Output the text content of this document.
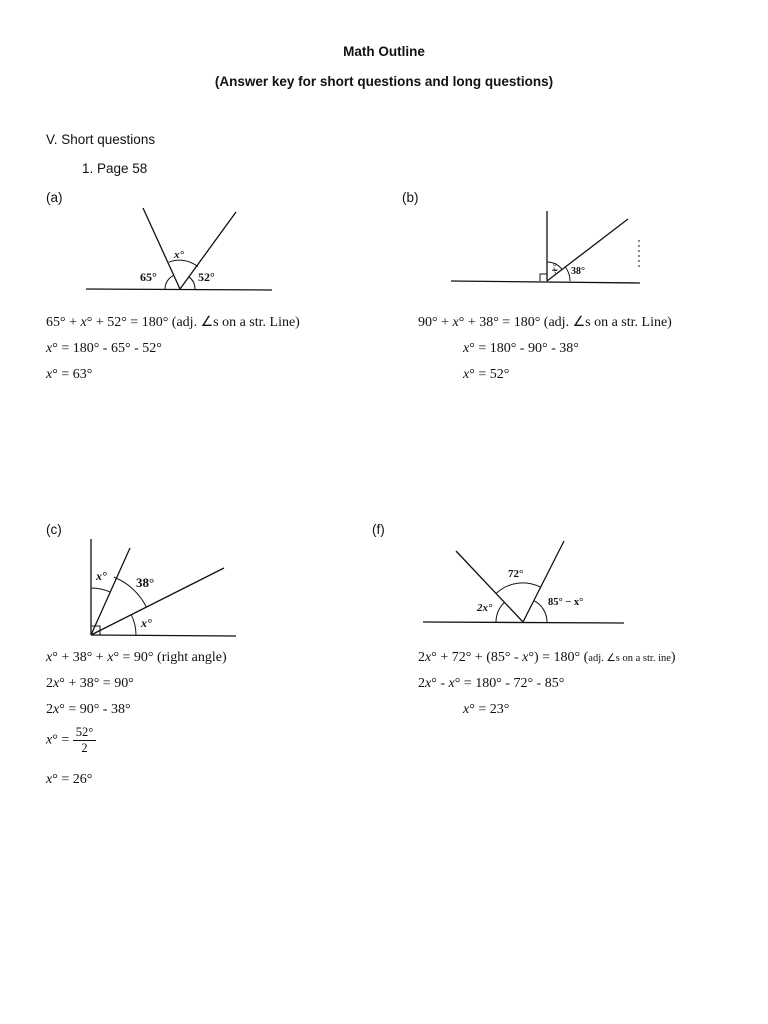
Math Outline
(Answer key for short questions and long questions)
V. Short questions
1. Page 58
(a)
x°
65°	52°
65° + x° + 52° = 180° (adj. ∠s on a str. Line)
x° = 180° - 65° - 52°
x° = 63°
(b)
x° 38°
90° + x° + 38° = 180° (adj. ∠s on a str. Line)
x° = 180° - 90° - 38°
x° = 52°
(c)
x° 38°
x°
x° + 38° + x° = 90° (right angle)
2x° + 38° = 90°
2x° = 90° - 38°
$x^\circ = \frac{52^\circ}{2}$
x° = 26°
(f)
2x°
72°
85° − x°
2x° + 72° + (85° - x°) = 180° (adj. ∠s on a str. ine)
2x° - x° = 180° - 72° - 85°
x° = 23°
